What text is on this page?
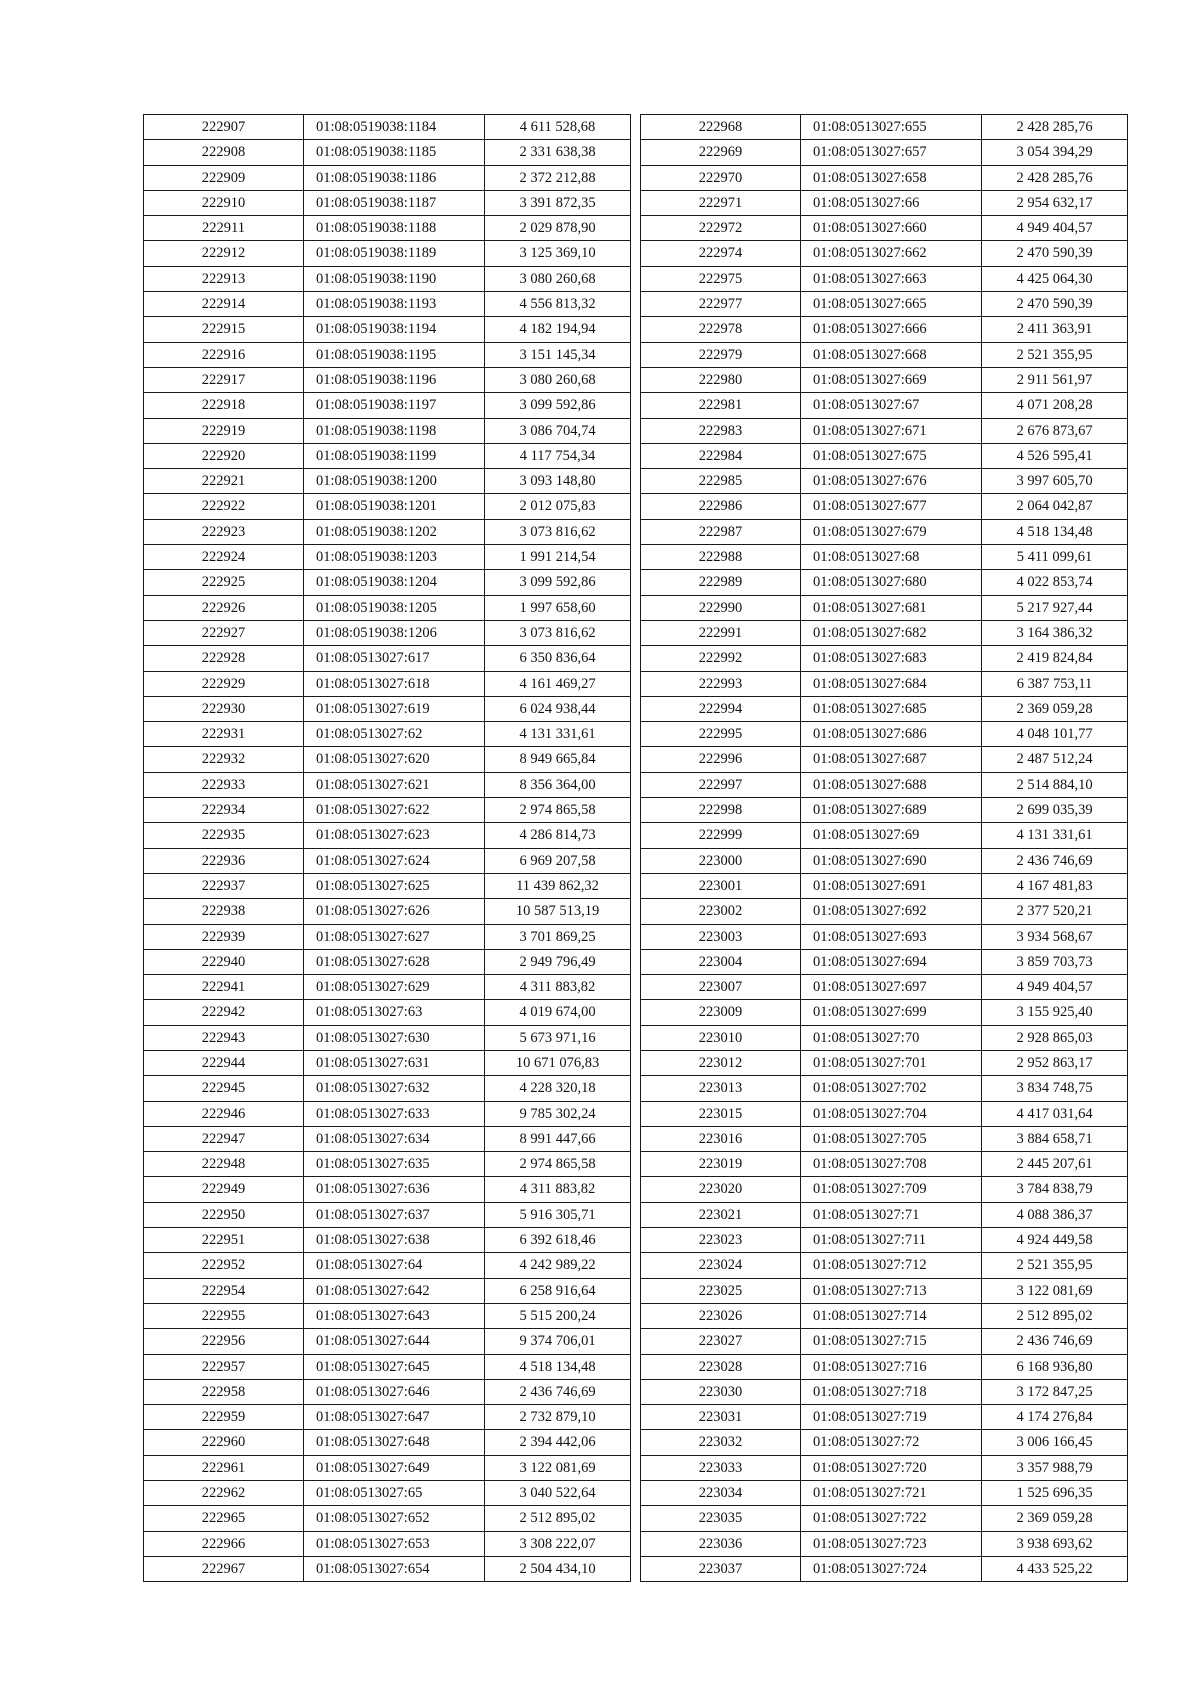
222907	01:08:0519038:1184	4 611 528,68
222908	01:08:0519038:1185	2 331 638,38
222909	01:08:0519038:1186	2 372 212,88
222910	01:08:0519038:1187	3 391 872,35
222911	01:08:0519038:1188	2 029 878,90
222912	01:08:0519038:1189	3 125 369,10
222913	01:08:0519038:1190	3 080 260,68
222914	01:08:0519038:1193	4 556 813,32
222915	01:08:0519038:1194	4 182 194,94
222916	01:08:0519038:1195	3 151 145,34
222917	01:08:0519038:1196	3 080 260,68
222918	01:08:0519038:1197	3 099 592,86
222919	01:08:0519038:1198	3 086 704,74
222920	01:08:0519038:1199	4 117 754,34
222921	01:08:0519038:1200	3 093 148,80
222922	01:08:0519038:1201	2 012 075,83
222923	01:08:0519038:1202	3 073 816,62
222924	01:08:0519038:1203	1 991 214,54
222925	01:08:0519038:1204	3 099 592,86
222926	01:08:0519038:1205	1 997 658,60
222927	01:08:0519038:1206	3 073 816,62
222928	01:08:0513027:617	6 350 836,64
222929	01:08:0513027:618	4 161 469,27
222930	01:08:0513027:619	6 024 938,44
222931	01:08:0513027:62	4 131 331,61
222932	01:08:0513027:620	8 949 665,84
222933	01:08:0513027:621	8 356 364,00
222934	01:08:0513027:622	2 974 865,58
222935	01:08:0513027:623	4 286 814,73
222936	01:08:0513027:624	6 969 207,58
222937	01:08:0513027:625	11 439 862,32
222938	01:08:0513027:626	10 587 513,19
222939	01:08:0513027:627	3 701 869,25
222940	01:08:0513027:628	2 949 796,49
222941	01:08:0513027:629	4 311 883,82
222942	01:08:0513027:63	4 019 674,00
222943	01:08:0513027:630	5 673 971,16
222944	01:08:0513027:631	10 671 076,83
222945	01:08:0513027:632	4 228 320,18
222946	01:08:0513027:633	9 785 302,24
222947	01:08:0513027:634	8 991 447,66
222948	01:08:0513027:635	2 974 865,58
222949	01:08:0513027:636	4 311 883,82
222950	01:08:0513027:637	5 916 305,71
222951	01:08:0513027:638	6 392 618,46
222952	01:08:0513027:64	4 242 989,22
222954	01:08:0513027:642	6 258 916,64
222955	01:08:0513027:643	5 515 200,24
222956	01:08:0513027:644	9 374 706,01
222957	01:08:0513027:645	4 518 134,48
222958	01:08:0513027:646	2 436 746,69
222959	01:08:0513027:647	2 732 879,10
222960	01:08:0513027:648	2 394 442,06
222961	01:08:0513027:649	3 122 081,69
222962	01:08:0513027:65	3 040 522,64
222965	01:08:0513027:652	2 512 895,02
222966	01:08:0513027:653	3 308 222,07
222967	01:08:0513027:654	2 504 434,10
222968	01:08:0513027:655	2 428 285,76
222969	01:08:0513027:657	3 054 394,29
222970	01:08:0513027:658	2 428 285,76
222971	01:08:0513027:66	2 954 632,17
222972	01:08:0513027:660	4 949 404,57
222974	01:08:0513027:662	2 470 590,39
222975	01:08:0513027:663	4 425 064,30
222977	01:08:0513027:665	2 470 590,39
222978	01:08:0513027:666	2 411 363,91
222979	01:08:0513027:668	2 521 355,95
222980	01:08:0513027:669	2 911 561,97
222981	01:08:0513027:67	4 071 208,28
222983	01:08:0513027:671	2 676 873,67
222984	01:08:0513027:675	4 526 595,41
222985	01:08:0513027:676	3 997 605,70
222986	01:08:0513027:677	2 064 042,87
222987	01:08:0513027:679	4 518 134,48
222988	01:08:0513027:68	5 411 099,61
222989	01:08:0513027:680	4 022 853,74
222990	01:08:0513027:681	5 217 927,44
222991	01:08:0513027:682	3 164 386,32
222992	01:08:0513027:683	2 419 824,84
222993	01:08:0513027:684	6 387 753,11
222994	01:08:0513027:685	2 369 059,28
222995	01:08:0513027:686	4 048 101,77
222996	01:08:0513027:687	2 487 512,24
222997	01:08:0513027:688	2 514 884,10
222998	01:08:0513027:689	2 699 035,39
222999	01:08:0513027:69	4 131 331,61
223000	01:08:0513027:690	2 436 746,69
223001	01:08:0513027:691	4 167 481,83
223002	01:08:0513027:692	2 377 520,21
223003	01:08:0513027:693	3 934 568,67
223004	01:08:0513027:694	3 859 703,73
223007	01:08:0513027:697	4 949 404,57
223009	01:08:0513027:699	3 155 925,40
223010	01:08:0513027:70	2 928 865,03
223012	01:08:0513027:701	2 952 863,17
223013	01:08:0513027:702	3 834 748,75
223015	01:08:0513027:704	4 417 031,64
223016	01:08:0513027:705	3 884 658,71
223019	01:08:0513027:708	2 445 207,61
223020	01:08:0513027:709	3 784 838,79
223021	01:08:0513027:71	4 088 386,37
223023	01:08:0513027:711	4 924 449,58
223024	01:08:0513027:712	2 521 355,95
223025	01:08:0513027:713	3 122 081,69
223026	01:08:0513027:714	2 512 895,02
223027	01:08:0513027:715	2 436 746,69
223028	01:08:0513027:716	6 168 936,80
223030	01:08:0513027:718	3 172 847,25
223031	01:08:0513027:719	4 174 276,84
223032	01:08:0513027:72	3 006 166,45
223033	01:08:0513027:720	3 357 988,79
223034	01:08:0513027:721	1 525 696,35
223035	01:08:0513027:722	2 369 059,28
223036	01:08:0513027:723	3 938 693,62
223037	01:08:0513027:724	4 433 525,22
